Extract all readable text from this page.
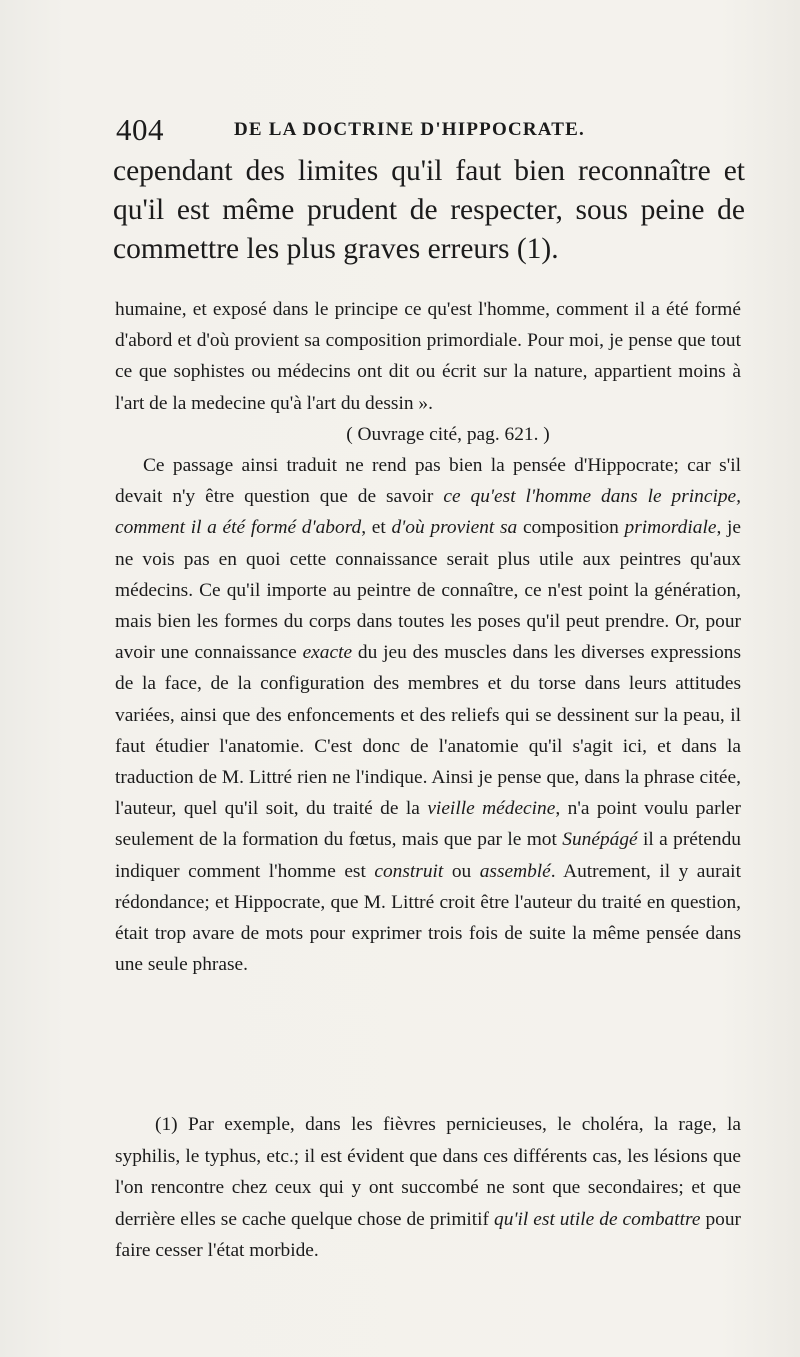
404	DE LA DOCTRINE D'HIPPOCRATE.

cependant des limites qu'il faut bien reconnaître et qu'il est même prudent de respecter, sous peine de commettre les plus graves erreurs (1).

humaine, et exposé dans le principe ce qu'est l'homme, comment il a été formé d'abord et d'où provient sa composition primordiale. Pour moi, je pense que tout ce que sophistes ou médecins ont dit ou écrit sur la nature, appartient moins à l'art de la medecine qu'à l'art du dessin ».

( Ouvrage cité, pag. 621. )

Ce passage ainsi traduit ne rend pas bien la pensée d'Hippocrate; car s'il devait n'y être question que de savoir ce qu'est l'homme dans le principe, comment il a été formé d'abord, et d'où provient sa composition primordiale, je ne vois pas en quoi cette connaissance serait plus utile aux peintres qu'aux médecins. Ce qu'il importe au peintre de connaître, ce n'est point la génération, mais bien les formes du corps dans toutes les poses qu'il peut prendre. Or, pour avoir une connaissance exacte du jeu des muscles dans les diverses expressions de la face, de la configuration des membres et du torse dans leurs attitudes variées, ainsi que des enfoncements et des reliefs qui se dessinent sur la peau, il faut étudier l'anatomie. C'est donc de l'anatomie qu'il s'agit ici, et dans la traduction de M. Littré rien ne l'indique. Ainsi je pense que, dans la phrase citée, l'auteur, quel qu'il soit, du traité de la vieille médecine, n'a point voulu parler seulement de la formation du fœtus, mais que par le mot Sunépágé il a prétendu indiquer comment l'homme est construit ou assemblé. Autrement, il y aurait rédondance; et Hippocrate, que M. Littré croit être l'auteur du traité en question, était trop avare de mots pour exprimer trois fois de suite la même pensée dans une seule phrase.

(1) Par exemple, dans les fièvres pernicieuses, le choléra, la rage, la syphilis, le typhus, etc.; il est évident que dans ces différents cas, les lésions que l'on rencontre chez ceux qui y ont succombé ne sont que secondaires; et que derrière elles se cache quelque chose de primitif qu'il est utile de combattre pour faire cesser l'état morbide.
